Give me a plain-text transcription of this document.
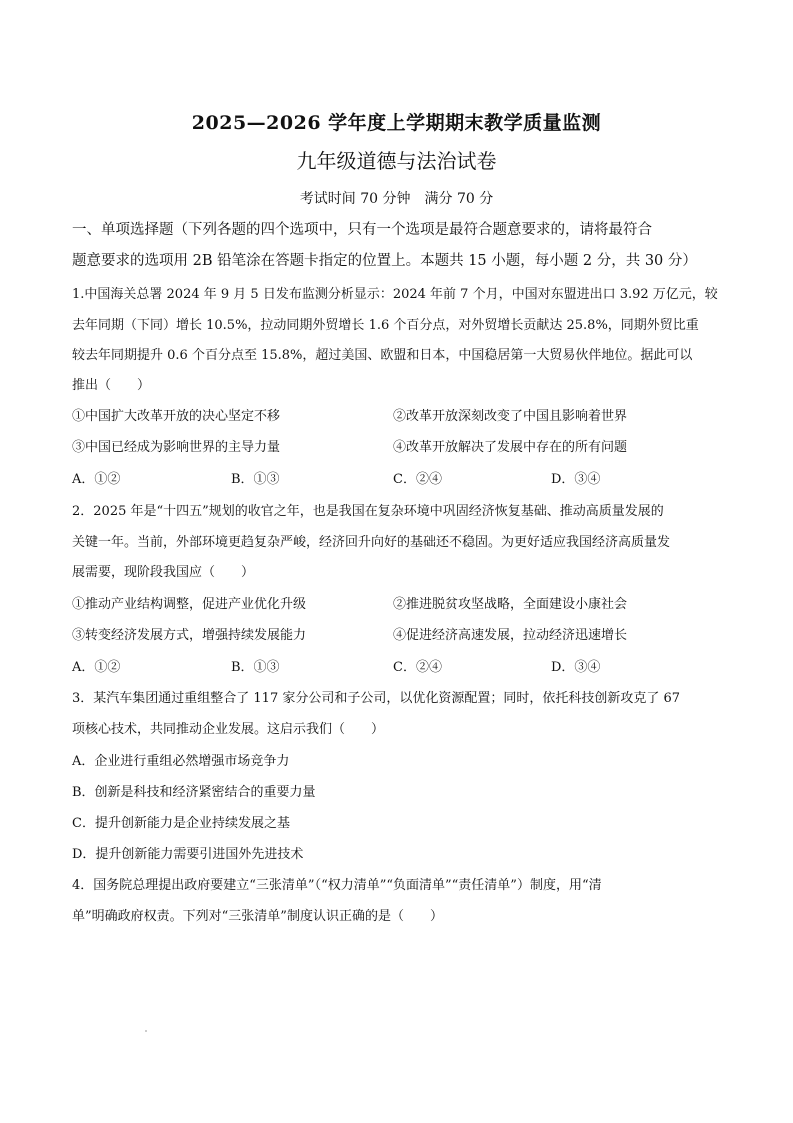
2025—2026 学年度上学期期末教学质量监测
九年级道德与法治试卷
考试时间 70 分钟　满分 70 分
一、单项选择题（下列各题的四个选项中，只有一个选项是最符合题意要求的，请将最符合
题意要求的选项用 2B 铅笔涂在答题卡指定的位置上。本题共 15 小题，每小题 2 分，共 30 分）
1.中国海关总署 2024 年 9 月 5 日发布监测分析显示：2024 年前 7 个月，中国对东盟进出口 3.92 万亿元，较
去年同期（下同）增长 10.5%，拉动同期外贸增长 1.6 个百分点，对外贸增长贡献达 25.8%，同期外贸比重
较去年同期提升 0.6 个百分点至 15.8%，超过美国、欧盟和日本，中国稳居第一大贸易伙伴地位。据此可以
推出（　　）
①中国扩大改革开放的决心坚定不移	②改革开放深刻改变了中国且影响着世界
③中国已经成为影响世界的主导力量	④改革开放解决了发展中存在的所有问题
A．①②	B．①③	C．②④	D．③④
2．2025 年是“十四五”规划的收官之年，也是我国在复杂环境中巩固经济恢复基础、推动高质量发展的
关键一年。当前，外部环境更趋复杂严峻，经济回升向好的基础还不稳固。为更好适应我国经济高质量发
展需要，现阶段我国应（　　）
①推动产业结构调整，促进产业优化升级	②推进脱贫攻坚战略，全面建设小康社会
③转变经济发展方式，增强持续发展能力	④促进经济高速发展，拉动经济迅速增长
A．①②	B．①③	C．②④	D．③④
3．某汽车集团通过重组整合了 117 家分公司和子公司，以优化资源配置；同时，依托科技创新攻克了 67
项核心技术，共同推动企业发展。这启示我们（　　）
A．企业进行重组必然增强市场竞争力
B．创新是科技和经济紧密结合的重要力量
C．提升创新能力是企业持续发展之基
D．提升创新能力需要引进国外先进技术
4．国务院总理提出政府要建立“三张清单”（“权力清单”“负面清单”“责任清单”）制度，用“清
单”明确政府权责。下列对“三张清单”制度认识正确的是（　　）
